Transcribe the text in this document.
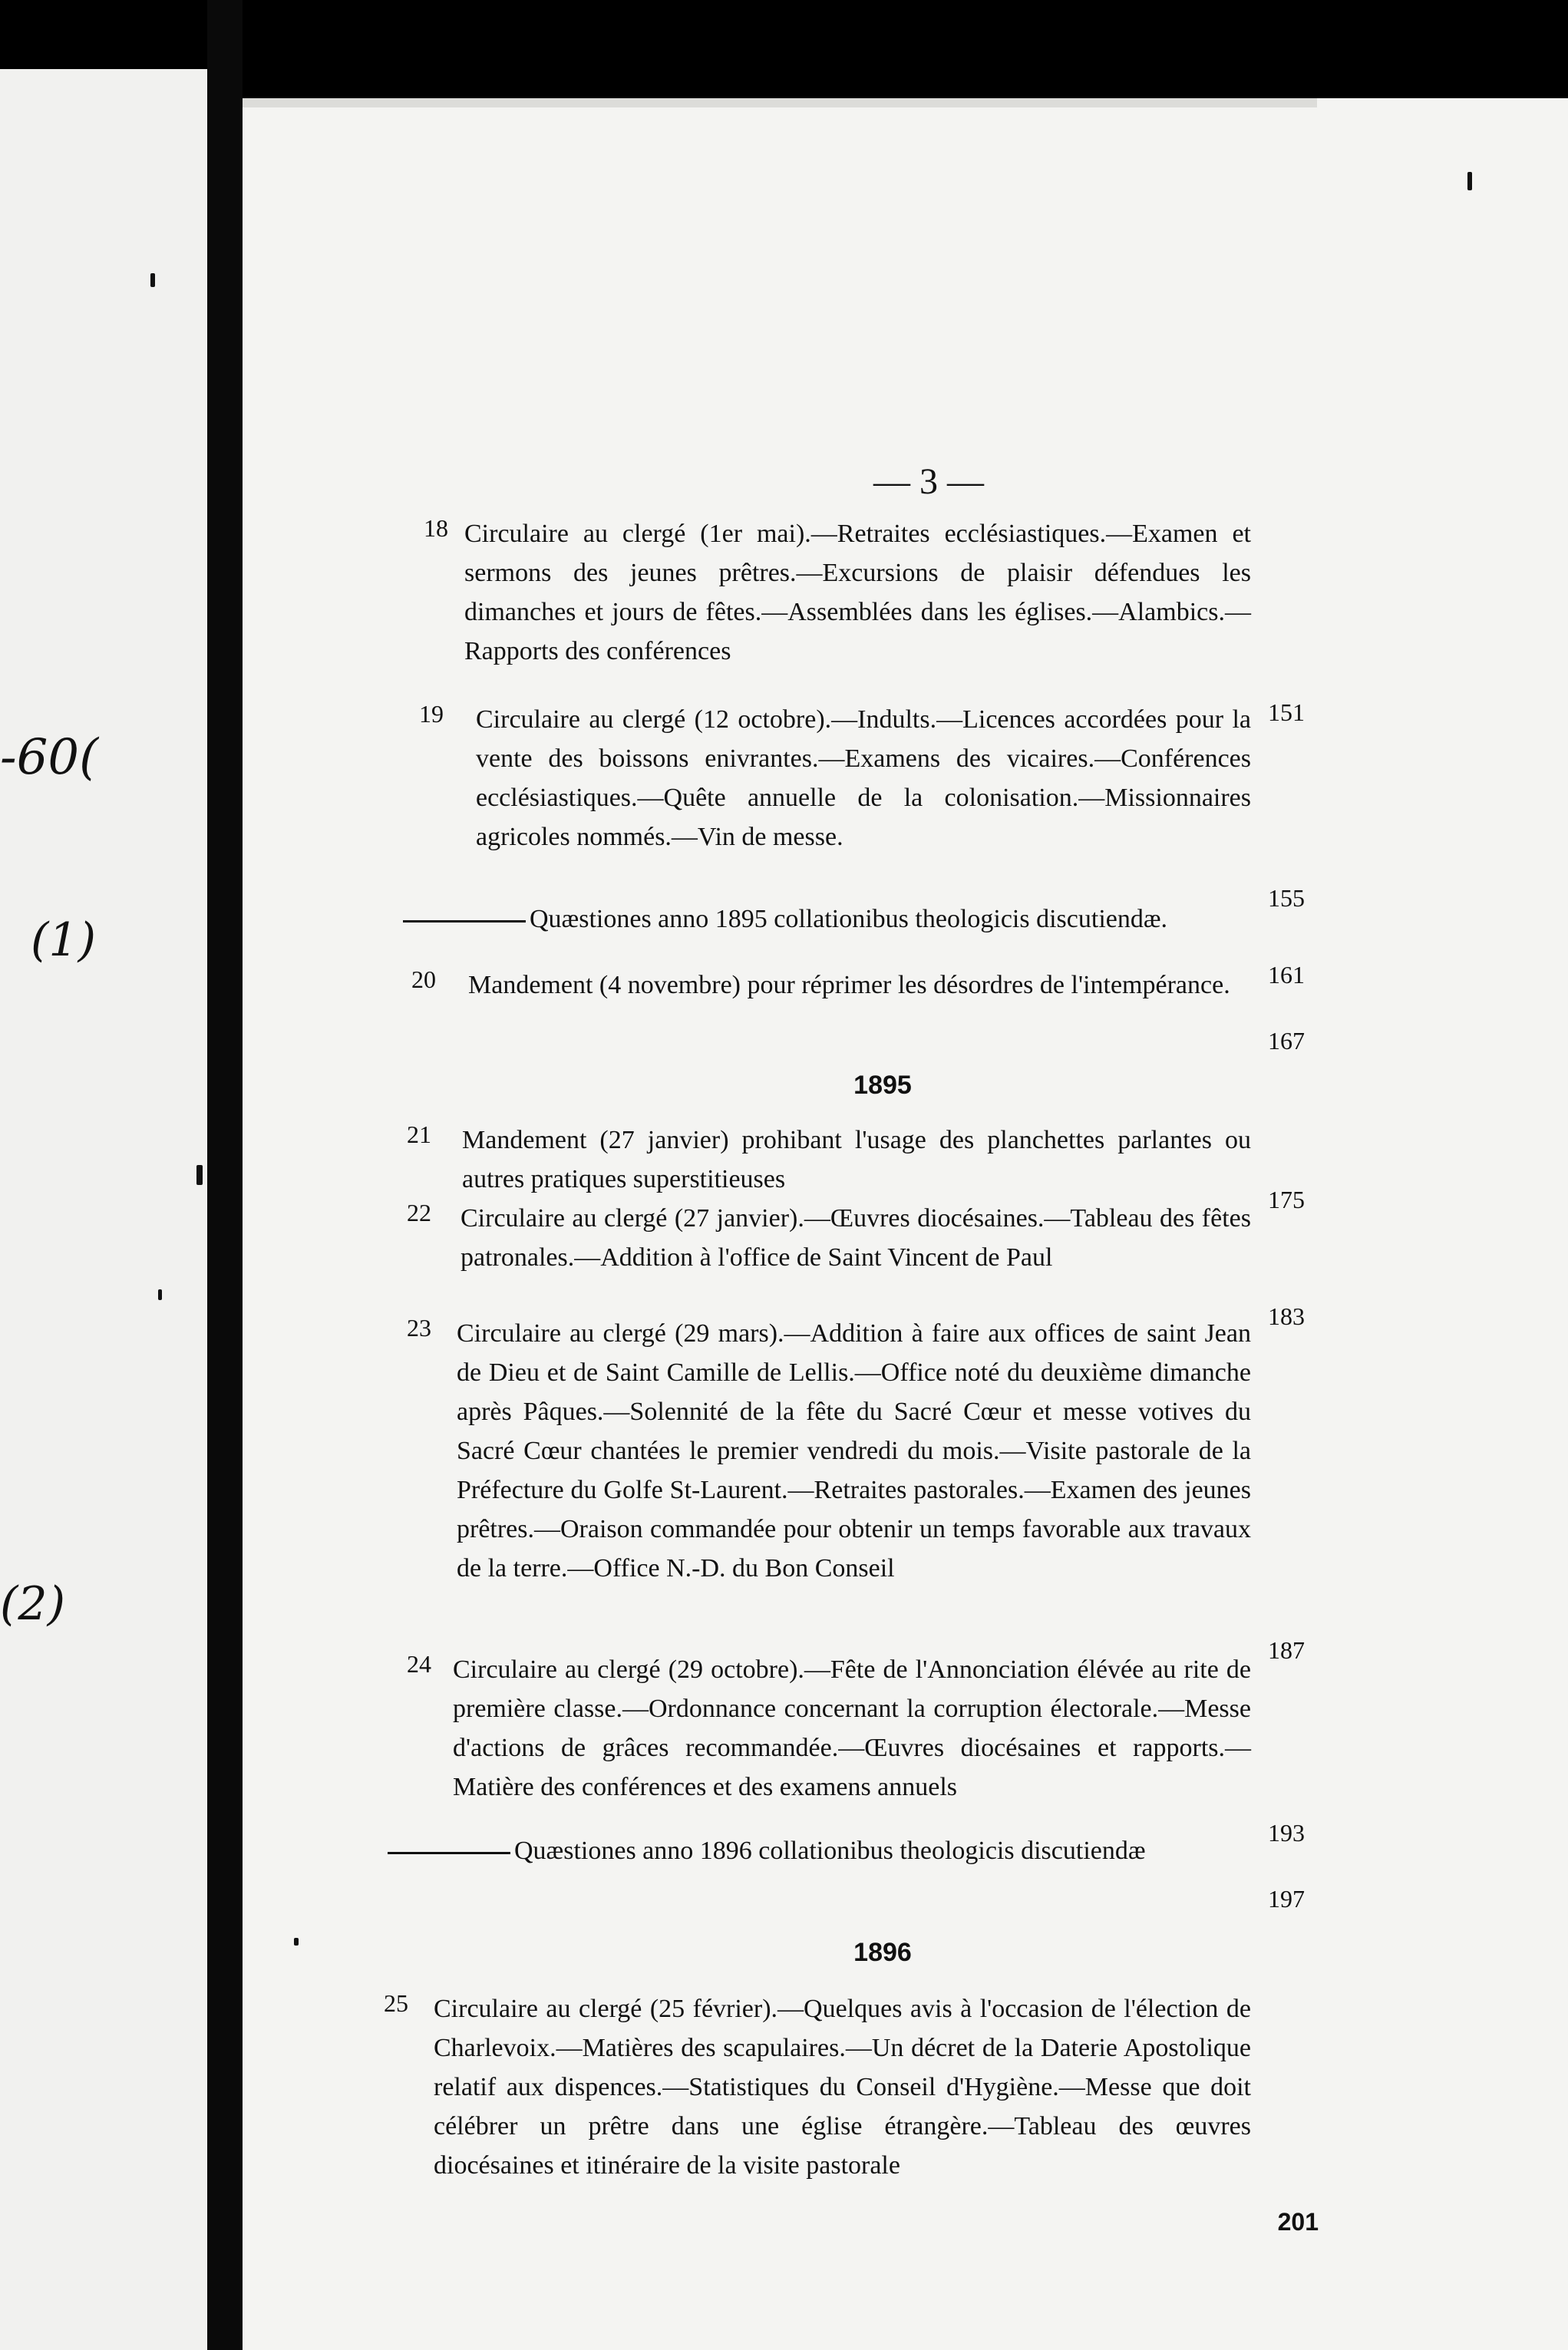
-60(
(1)
(2)
— 3 —
18 Circulaire au clergé (1er mai).—Retraites ecclésiastiques.—Examen et sermons des jeunes prêtres.—Excursions de plaisir défendues les dimanches et jours de fêtes.—Assemblées dans les églises.—Alambics.—Rapports des conférences
151
19 Circulaire au clergé (12 octobre).—Indults.—Licences accordées pour la vente des boissons enivrantes.—Examens des vicaires.—Conférences ecclésiastiques.—Quête annuelle de la colonisation.—Missionnaires agricoles nommés.—Vin de messe.
155
Quæstiones anno 1895 collationibus theologicis discutiendæ.
161
20 Mandement (4 novembre) pour réprimer les désordres de l'intempérance.
167
1895
21 Mandement (27 janvier) prohibant l'usage des planchettes parlantes ou autres pratiques superstitieuses
175
22 Circulaire au clergé (27 janvier).—Œuvres diocésaines.—Tableau des fêtes patronales.—Addition à l'office de Saint Vincent de Paul
183
23 Circulaire au clergé (29 mars).—Addition à faire aux offices de saint Jean de Dieu et de Saint Camille de Lellis.—Office noté du deuxième dimanche après Pâques.—Solennité de la fête du Sacré Cœur et messe votives du Sacré Cœur chantées le premier vendredi du mois.—Visite pastorale de la Préfecture du Golfe St-Laurent.—Retraites pastorales.—Examen des jeunes prêtres.—Oraison commandée pour obtenir un temps favorable aux travaux de la terre.—Office N.-D. du Bon Conseil
187
24 Circulaire au clergé (29 octobre).—Fête de l'Annonciation élévée au rite de première classe.—Ordonnance concernant la corruption électorale.—Messe d'actions de grâces recommandée.—Œuvres diocésaines et rapports.—Matière des conférences et des examens annuels
193
Quæstiones anno 1896 collationibus theologicis discutiendæ
197
1896
25 Circulaire au clergé (25 février).—Quelques avis à l'occasion de l'élection de Charlevoix.—Matières des scapulaires.—Un décret de la Daterie Apostolique relatif aux dispences.—Statistiques du Conseil d'Hygiène.—Messe que doit célébrer un prêtre dans une église étrangère.—Tableau des œuvres diocésaines et itinéraire de la visite pastorale
201
